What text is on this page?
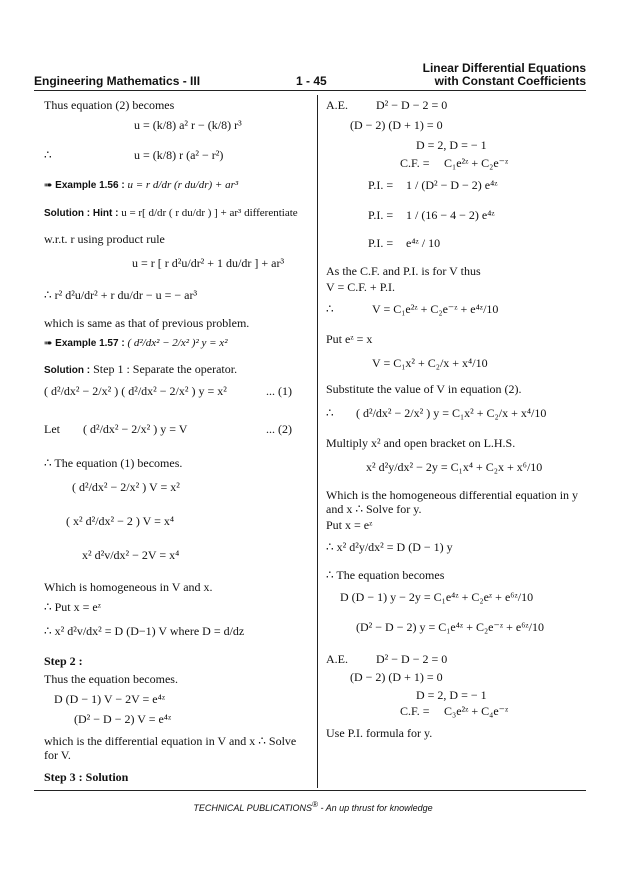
Engineering Mathematics - III	1 - 45
Linear Differential Equations
with Constant Coefficients
Thus equation (2) becomes
u = (k/8) a² r − (k/8) r³
∴	u = (k/8) r (a² − r²)
➠ Example 1.56 : u = r d/dr (r du/dr) + ar³
Solution : Hint : u = r[ d/dr ( r du/dr ) ] + ar³ differentiate
w.r.t. r using product rule
u = r [ r d²u/dr² + 1 du/dr ] + ar³
∴ r² d²u/dr² + r du/dr − u = − ar³
which is same as that of previous problem.
➠ Example 1.57 : ( d²/dx² − 2/x² )² y = x²
Solution : Step 1 : Separate the operator.
( d²/dx² − 2/x² ) ( d²/dx² − 2/x² ) y = x²	... (1)
Let ( d²/dx² − 2/x² ) y = V	... (2)
∴ The equation (1) becomes.
( d²/dx² − 2/x² ) V = x²
( x² d²/dx² − 2 ) V = x⁴
x² d²v/dx² − 2V = x⁴
Which is homogeneous in V and x.
∴ Put x = eᶻ
∴ x² d²v/dx² = D (D−1) V where D = d/dz
Step 2 :
Thus the equation becomes.
D (D − 1) V − 2V = e⁴ᶻ
(D² − D − 2) V = e⁴ᶻ
which is the differential equation in V and x ∴ Solve
for V.
Step 3 : Solution
A.E. D² − D − 2 = 0
(D − 2) (D + 1) = 0
D = 2, D = − 1
C.F. = C₁e²ᶻ + C₂e⁻ᶻ
P.I. = 1 / (D² − D − 2) e⁴ᶻ
P.I. = 1 / (16 − 4 − 2) e⁴ᶻ
P.I. = e⁴ᶻ / 10
As the C.F. and P.I. is for V thus
V = C.F. + P.I.
∴	V = C₁e²ᶻ + C₂e⁻ᶻ + e⁴ᶻ/10
Put eᶻ = x
V = C₁x² + C₂/x + x⁴/10
Substitute the value of V in equation (2).
∴ ( d²/dx² − 2/x² ) y = C₁x² + C₂/x + x⁴/10
Multiply x² and open bracket on L.H.S.
x² d²y/dx² − 2y = C₁x⁴ + C₂x + x⁶/10
Which is the homogeneous differential equation in y
and x ∴ Solve for y.
Put x = eᶻ
∴ x² d²y/dx² = D (D − 1) y
∴ The equation becomes
D (D − 1) y − 2y = C₁e⁴ᶻ + C₂eᶻ + e⁶ᶻ/10
(D² − D − 2) y = C₁e⁴ᶻ + C₂e⁻ᶻ + e⁶ᶻ/10
A.E. D² − D − 2 = 0
(D − 2) (D + 1) = 0
D = 2, D = − 1
C.F. = C₃e²ᶻ + C₄e⁻ᶻ
Use P.I. formula for y.
TECHNICAL PUBLICATIONS® - An up thrust for knowledge
